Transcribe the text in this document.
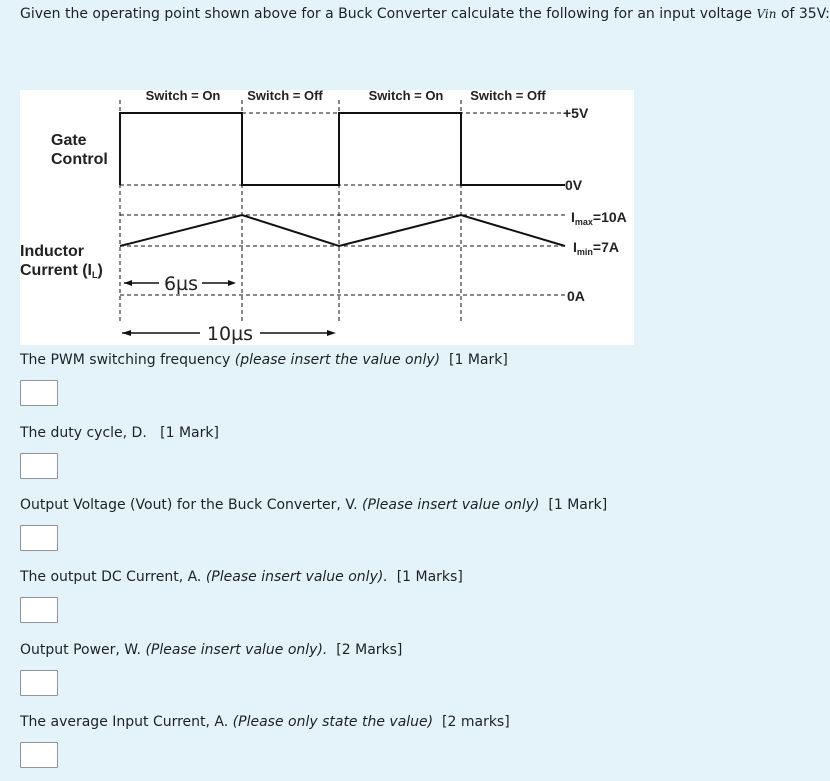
Given the operating point shown above for a Buck Converter calculate the following for an input voltage Vin of 35V:
Switch = On Switch = Off	Switch = On Switch = Off
Gate
Control
Inductor
Current (IL)
+5V
0V
$I_{max}=10A$
$I_{min}=7A$
0A
6µs
10µs
The PWM switching frequency (please insert the value only) [1 Mark]
The duty cycle, D.   [1 Mark]
Output Voltage (Vout) for the Buck Converter, V. (Please insert value only) [1 Mark]
The output DC Current, A. (Please insert value only). [1 Marks]
Output Power, W. (Please insert value only). [2 Marks]
The average Input Current, A. (Please only state the value) [2 marks]
